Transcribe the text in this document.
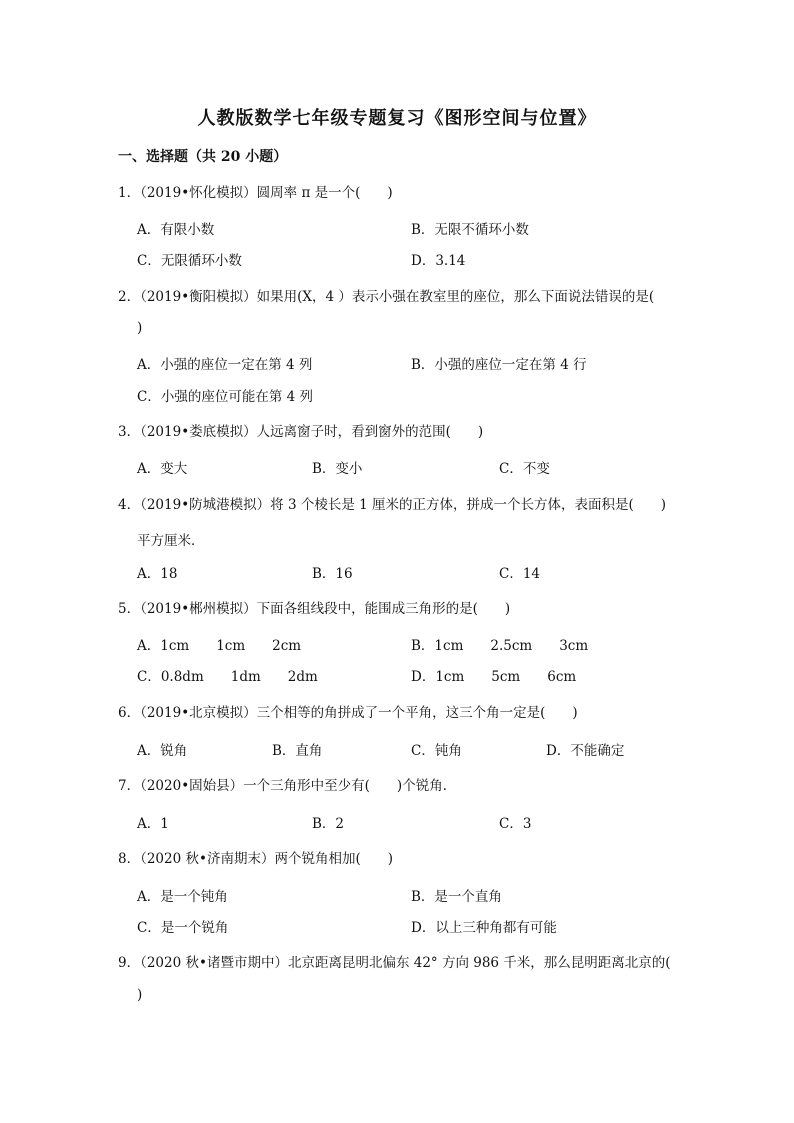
人教版数学七年级专题复习《图形空间与位置》
一、选择题（共 20 小题）
1．（2019•怀化模拟）圆周率 π 是一个(　　)
A．有限小数	B．无限不循环小数
C．无限循环小数	D．3.14
2．（2019•衡阳模拟）如果用(X，4 ）表示小强在教室里的座位，那么下面说法错误的是(
)
A．小强的座位一定在第 4 列	B．小强的座位一定在第 4 行
C．小强的座位可能在第 4 列
3．（2019•娄底模拟）人远离窗子时，看到窗外的范围(　　)
A．变大	B．变小	C．不变
4．（2019•防城港模拟）将 3 个棱长是 1 厘米的正方体，拼成一个长方体，表面积是(　　)
平方厘米．
A．18	B．16	C．14
5．（2019•郴州模拟）下面各组线段中，能围成三角形的是(　　)
A．1cm　　1cm　　2cm	B．1cm　　2.5cm　　3cm
C．0.8dm　　1dm　　2dm	D．1cm　　5cm　　6cm
6．（2019•北京模拟）三个相等的角拼成了一个平角，这三个角一定是(　　)
A．锐角	B．直角	C．钝角	D．不能确定
7．（2020•固始县）一个三角形中至少有(　　)个锐角．
A．1	B．2	C．3
8．（2020 秋•济南期末）两个锐角相加(　　)
A．是一个钝角	B．是一个直角
C．是一个锐角	D．以上三种角都有可能
9．（2020 秋•诸暨市期中）北京距离昆明北偏东 42° 方向 986 千米，那么昆明距离北京的(
)
